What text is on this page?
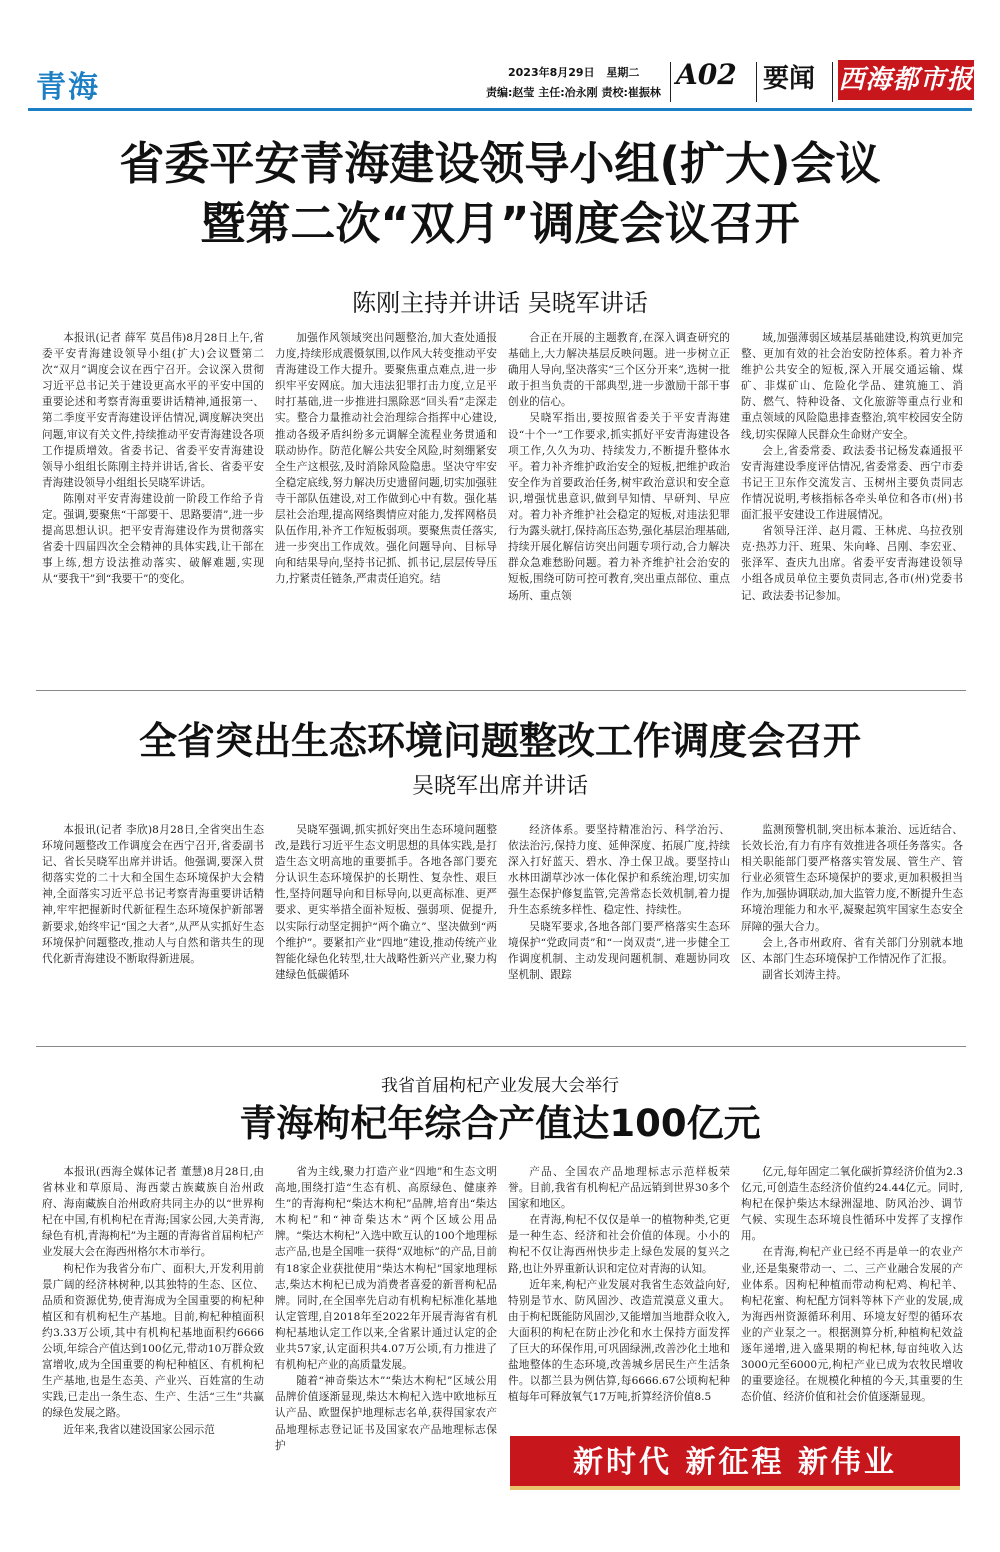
青海	2023年8月29日 星期二
责编:赵莹 主任:冶永刚 责校:崔振林
A02 要闻 西海都市报
省委平安青海建设领导小组(扩大)会议
暨第二次“双月”调度会议召开
陈刚主持并讲话 吴晓军讲话

本报讯(记者 薛军 莫昌伟)8月28日上午,省委平安青海建设领导小组(扩大)会议暨第二次“双月”调度会议在西宁召开。会议深入贯彻习近平总书记关于建设更高水平的平安中国的重要论述和考察青海重要讲话精神,通报第一、第二季度平安青海建设评估情况,调度解决突出问题,审议有关文件,持续推动平安青海建设各项工作提质增效。省委书记、省委平安青海建设领导小组组长陈刚主持并讲话,省长、省委平安青海建设领导小组组长吴晓军讲话。

陈刚对平安青海建设前一阶段工作给予肯定。强调,要聚焦“干部要干、思路要清”,进一步提高思想认识。把平安青海建设作为贯彻落实省委十四届四次全会精神的具体实践,让干部在事上练,想方设法推动落实、破解难题,实现从“要我干”到“我要干”的变化。

加强作风领域突出问题整治,加大查处通报力度,持续形成震慑氛围,以作风大转变推动平安青海建设工作大提升。要聚焦重点难点,进一步织牢平安网底。加大违法犯罪打击力度,立足平时打基础,进一步推进扫黑除恶“回头看”走深走实。整合力量推动社会治理综合指挥中心建设,推动各级矛盾纠纷多元调解全流程业务贯通和联动协作。防范化解公共安全风险,时刻绷紧安全生产这根弦,及时消除风险隐患。坚决守牢安全稳定底线,努力解决历史遗留问题,切实加强驻寺干部队伍建设,对工作做到心中有数。强化基层社会治理,提高网络舆情应对能力,发挥网格员队伍作用,补齐工作短板弱项。要聚焦责任落实,进一步突出工作成效。强化问题导向、目标导向和结果导向,坚持书记抓、抓书记,层层传导压力,拧紧责任链条,严肃责任追究。结

合正在开展的主题教育,在深入调查研究的基础上,大力解决基层反映问题。进一步树立正确用人导向,坚决落实“三个区分开来”,选树一批敢于担当负责的干部典型,进一步激励干部干事创业的信心。

吴晓军指出,要按照省委关于平安青海建设“十个一”工作要求,抓实抓好平安青海建设各项工作,久久为功、持续发力,不断提升整体水平。着力补齐维护政治安全的短板,把维护政治安全作为首要政治任务,树牢政治意识和安全意识,增强忧患意识,做到早知情、早研判、早应对。着力补齐维护社会稳定的短板,对违法犯罪行为露头就打,保持高压态势,强化基层治理基础,持续开展化解信访突出问题专项行动,合力解决群众急难愁盼问题。着力补齐维护社会治安的短板,围绕可防可控可教育,突出重点部位、重点场所、重点领

域,加强薄弱区域基层基础建设,构筑更加完整、更加有效的社会治安防控体系。着力补齐维护公共安全的短板,深入开展交通运输、煤矿、非煤矿山、危险化学品、建筑施工、消防、燃气、特种设备、文化旅游等重点行业和重点领域的风险隐患排查整治,筑牢校园安全防线,切实保障人民群众生命财产安全。

会上,省委常委、政法委书记杨发森通报平安青海建设季度评估情况,省委常委、西宁市委书记王卫东作交流发言、玉树州主要负责同志作情况说明,考核指标各牵头单位和各市(州)书面汇报平安建设工作进展情况。

省领导汪洋、赵月霞、王林虎、乌拉孜别克·热苏力汗、班果、朱向峰、吕刚、李宏亚、张泽军、查庆九出席。省委平安青海建设领导小组各成员单位主要负责同志,各市(州)党委书记、政法委书记参加。

全省突出生态环境问题整改工作调度会召开
吴晓军出席并讲话

本报讯(记者 李欣)8月28日,全省突出生态环境问题整改工作调度会在西宁召开,省委副书记、省长吴晓军出席并讲话。他强调,要深入贯彻落实党的二十大和全国生态环境保护大会精神,全面落实习近平总书记考察青海重要讲话精神,牢牢把握新时代新征程生态环境保护新部署新要求,始终牢记“国之大者”,从严从实抓好生态环境保护问题整改,推动人与自然和谐共生的现代化新青海建设不断取得新进展。

吴晓军强调,抓实抓好突出生态环境问题整改,是践行习近平生态文明思想的具体实践,是打造生态文明高地的重要抓手。各地各部门要充分认识生态环境保护的长期性、复杂性、艰巨性,坚持问题导向和目标导向,以更高标准、更严要求、更实举措全面补短板、强弱项、促提升,以实际行动坚定拥护“两个确立”、坚决做到“两个维护”。要紧扣产业“四地”建设,推动传统产业智能化绿色化转型,壮大战略性新兴产业,聚力构建绿色低碳循环

经济体系。要坚持精准治污、科学治污、依法治污,保持力度、延伸深度、拓展广度,持续深入打好蓝天、碧水、净土保卫战。要坚持山水林田湖草沙冰一体化保护和系统治理,切实加强生态保护修复监管,完善常态长效机制,着力提升生态系统多样性、稳定性、持续性。

吴晓军要求,各地各部门要严格落实生态环境保护“党政同责”和“一岗双责”,进一步健全工作调度机制、主动发现问题机制、难题协同攻坚机制、跟踪

监测预警机制,突出标本兼治、远近结合、长效长治,有力有序有效推进各项任务落实。各相关职能部门要严格落实管发展、管生产、管行业必须管生态环境保护的要求,更加积极担当作为,加强协调联动,加大监管力度,不断提升生态环境治理能力和水平,凝聚起筑牢国家生态安全屏障的强大合力。

会上,各市州政府、省有关部门分别就本地区、本部门生态环境保护工作情况作了汇报。

副省长刘涛主持。

我省首届枸杞产业发展大会举行
青海枸杞年综合产值达100亿元

本报讯(西海全媒体记者 董慧)8月28日,由省林业和草原局、海西蒙古族藏族自治州政府、海南藏族自治州政府共同主办的以“世界枸杞在中国,有机枸杞在青海;国家公园,大美青海,绿色有机,青海枸杞”为主题的青海省首届枸杞产业发展大会在海西州格尔木市举行。

枸杞作为我省分布广、面积大,开发利用前景广阔的经济林树种,以其独特的生态、区位、品质和资源优势,使青海成为全国重要的枸杞种植区和有机枸杞生产基地。目前,枸杞种植面积约3.33万公顷,其中有机枸杞基地面积约6666公顷,年综合产值达到100亿元,带动10万群众致富增收,成为全国重要的枸杞种植区、有机枸杞生产基地,也是生态美、产业兴、百姓富的生动实践,已走出一条生态、生产、生活“三生”共赢的绿色发展之路。

近年来,我省以建设国家公园示范

省为主线,聚力打造产业“四地”和生态文明高地,围绕打造“生态有机、高原绿色、健康养生”的青海枸杞“柴达木枸杞”品牌,培育出“柴达木枸杞”和“神奇柴达木”两个区域公用品牌。“柴达木枸杞”入选中欧互认的100个地理标志产品,也是全国唯一获得“双地标”的产品,目前有18家企业获批使用“柴达木枸杞”国家地理标志,柴达木枸杞已成为消费者喜爱的新晋枸杞品牌。同时,在全国率先启动有机枸杞标准化基地认定管理,自2018年至2022年开展青海省有机枸杞基地认定工作以来,全省累计通过认定的企业共57家,认定面积共4.07万公顷,有力推进了有机枸杞产业的高质量发展。

随着“神奇柴达木”“柴达木枸杞”区域公用品牌价值逐渐显现,柴达木枸杞入选中欧地标互认产品、欧盟保护地理标志名单,获得国家农产品地理标志登记证书及国家农产品地理标志保护

产品、全国农产品地理标志示范样板荣誉。目前,我省有机枸杞产品远销到世界30多个国家和地区。

在青海,枸杞不仅仅是单一的植物种类,它更是一种生态、经济和社会价值的体现。小小的枸杞不仅让海西州快步走上绿色发展的复兴之路,也让外界重新认识和定位对青海的认知。

近年来,枸杞产业发展对我省生态效益向好,特别是节水、防风固沙、改造荒漠意义重大。由于枸杞既能防风固沙,又能增加当地群众收入,大面积的枸杞在防止沙化和水土保持方面发挥了巨大的环保作用,可巩固绿洲,改善沙化土地和盐地整体的生态环境,改善城乡居民生产生活条件。以都兰县为例估算,每6666.67公顷枸杞种植每年可释放氧气17万吨,折算经济价值8.5

亿元,每年固定二氧化碳折算经济价值为2.3亿元,可创造生态经济价值约24.44亿元。同时,枸杞在保护柴达木绿洲湿地、防风治沙、调节气候、实现生态环境良性循环中发挥了支撑作用。

在青海,枸杞产业已经不再是单一的农业产业,还是集聚带动一、二、三产业融合发展的产业体系。因枸杞种植而带动枸杞鸡、枸杞羊、枸杞花蜜、枸杞配方饲料等林下产业的发展,成为海西州资源循环利用、环境友好型的循环农业的产业泵之一。根据测算分析,种植枸杞效益逐年递增,进入盛果期的枸杞林,每亩纯收入达3000元至6000元,枸杞产业已成为农牧民增收的重要途径。在规模化种植的今天,其重要的生态价值、经济价值和社会价值逐渐显现。

新时代 新征程 新伟业
